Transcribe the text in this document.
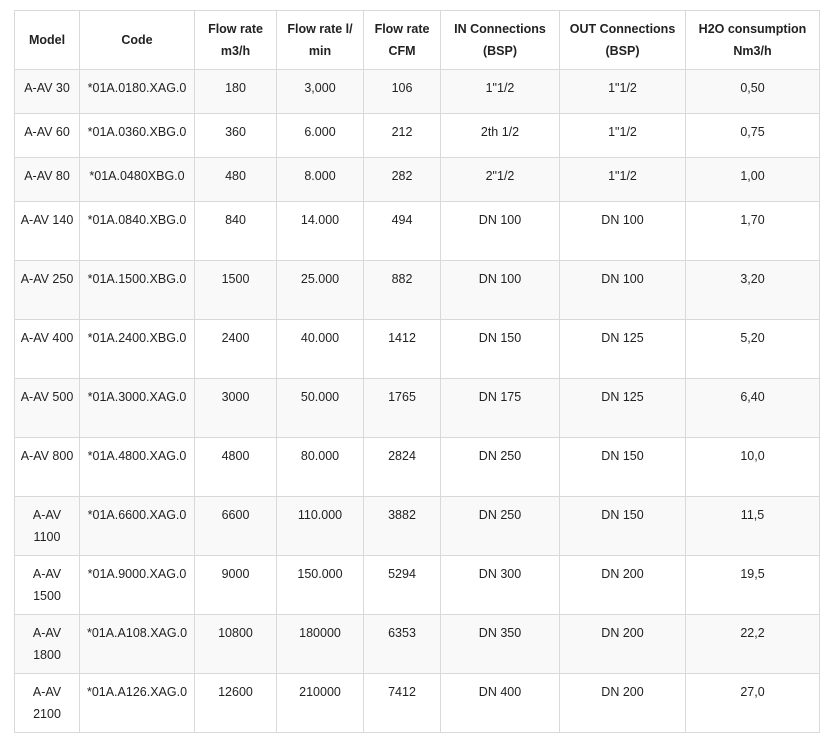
Model	Code	Flow rate m3/h	Flow rate l/ min	Flow rate CFM	IN Connections (BSP)	OUT Connections (BSP)	H2O consumption Nm3/h
A-AV 30	*01A.0180.XAG.0	180	3,000	106	1"1/2	1"1/2	0,50
A-AV 60	*01A.0360.XBG.0	360	6.000	212	2th 1/2	1"1/2	0,75
A-AV 80	*01A.0480XBG.0	480	8.000	282	2"1/2	1"1/2	1,00
A-AV 140	*01A.0840.XBG.0	840	14.000	494	DN 100	DN 100	1,70
A-AV 250	*01A.1500.XBG.0	1500	25.000	882	DN 100	DN 100	3,20
A-AV 400	*01A.2400.XBG.0	2400	40.000	1412	DN 150	DN 125	5,20
A-AV 500	*01A.3000.XAG.0	3000	50.000	1765	DN 175	DN 125	6,40
A-AV 800	*01A.4800.XAG.0	4800	80.000	2824	DN 250	DN 150	10,0
A-AV 1100	*01A.6600.XAG.0	6600	110.000	3882	DN 250	DN 150	11,5
A-AV 1500	*01A.9000.XAG.0	9000	150.000	5294	DN 300	DN 200	19,5
A-AV 1800	*01A.A108.XAG.0	10800	180000	6353	DN 350	DN 200	22,2
A-AV 2100	*01A.A126.XAG.0	12600	210000	7412	DN 400	DN 200	27,0
